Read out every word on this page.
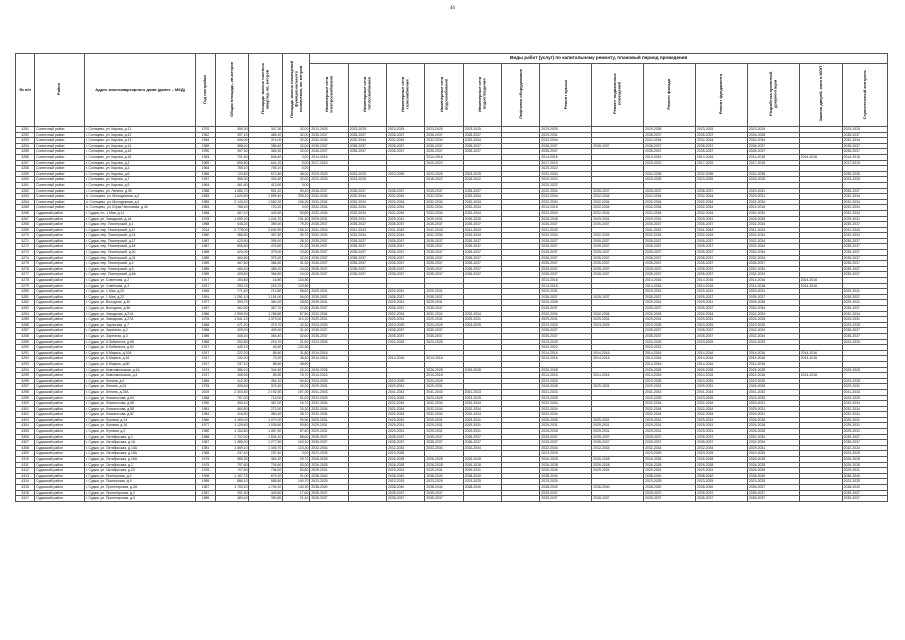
46
№ п/п	Район	Адрес многоквартирного дома (далее – МКД)	Год постройки	Общая площадь, кв.метров	Площадь жилых частных квартир, кв. метров	Площадь жилых помещений функционального назначения, кв. метров	Виды работ (услуг) по капитальному ремонту, плановый период проведения												
							Инженерные сети электроснабжения	Инженерные сети теплоснабжения	Инженерные сети газоснабжения	Инженерные сети водоснабжения	Инженерные сети водоотведения	Лифтовое оборудование	Ремонт крыши	Ремонт подвальных помещений	Ремонт фасада	Ремонт фундамента	Разработка проектной документации	Замена дверей, окон в МОП	Строительный контроль
4251	Солнечный район	г. Солнцево, ул. Кирова, д.11	1970	359,30	347,30	32,00	2012-2025	2023-2025	2023-2025	2023-2025	2023-2025		2023-2025		2029-2035	2023-2025	2023-2025		2023-2025
4252	Солнечный район	г. Солнцево, ул. Кирова, д.12	1962	397,10	365,10	32,00	2035-2037	2035-2037	2035-2037	2035-2037	2035-2037		2029-2031		2035-2037	2035-2037	2026-2028		2035-2037
4253	Солнечный район	г. Солнцево, ул. Кирова, д.13	1984	406,00	374,00	32,00	2032-2034	2032-2034	2032-2034	2032-2034	2032-2034		2032-2034		2032-2034	2032-2034	2032-2034		2032-2034
4254	Солнечный район	г. Солнцево, ул. Кирова, д.14	1989	388,40	356,40	32,00	2035-2037	2035-2037	2035-2037	2035-2037	2035-2037		2035-2037	2035-2037	2035-2037	2035-2037	2035-2037		2035-2037
4255	Солнечный район	г. Солнцево, ул. Кирова, д.15	1990	397,30	365,30	32,00	2035-2037	2035-2037	2035-2037	2035-2037	2035-2037		2035-2037		2035-2037	2035-2037	2035-2037		2035-2037
4256	Солнечный район	г. Солнцево, ул. Кирова, д.16	1963	701,50	646,40	0,00	2014-2016			2014-2016			2014-2016		2014-2016	2014-2016	2014-2016	2014-2016	2014-2016
4257	Солнечный район	г. Солнцево, ул. Кирова, д.2	1969	690,80	641,20	0,00	2017-2019			2020-2020			2017-2019		2020-2022	2017-2019	2017-2019		2017-2019
4258	Солнечный район	г. Солнцево, ул. Кирова, д.3	1964	765,10	705,10	0,00							2020-2022						
4259	Солнечный район	г. Солнцево, ул. Кирова, д.6	1966	720,80	672,80	48,00	2023-2025	2023-2025	2023-2025	2023-2025	2023-2025		2032-2034		2032-2035	2032-2035	2032-2035		2035-2035
4260	Солнечный район	г. Солнцево, ул. Кирова, д.7	1967	365,30	333,30	32,00	2023-2025	2023-2025		2018-2022	2018-2022		2020-2022		2023-2025	2023-2025	2026-2028		2023-2025
4261	Солнечный район	г. Солнцево, ул. Кирова, д.9	1964	461,60	413,60	0,00							2020-2022						
4262	Солнечный район	г. Солнцево, ул. Ленина, д.35	1988	1 080,70	951,20	90,20	2035-2037	2035-2037	2035-2037	2035-2037	2035-2037		2032-2034	2035-2037	2035-2037	2035-2037	2029-2031		2035-2037
4263	Солнечный район	п. Солнцево, ул. Молодежная, д.2	1983	1 620,50	1 599,40	205,10	2032-2034	2032-2034	2032-2034	2032-2034	2032-2034		2032-2034	2032-2034	2032-2034	2032-2034	2029-2031		2032-2034
4264	Солнечный район	п. Солнцево, ул. Молодежная, д.4	1985	2 140,40	1 552,20	106,20	2032-2034	2032-2034	2032-2034	2032-2034	2032-2034		2032-2034	2032-2034	2032-2034	2032-2034	2032-2034		2032-2034
4265	Солнечный район	п. Солнцево, ул. Юрия Чеснокова, д.40	1983	768,40	720,20	0,00	2032-2034	2032-2034	2032-2034	2032-2034	2032-2034		2014-2016	2032-2034	2032-2034	2032-2034	2014-2016		2032-2034
4266	Судакский район	г. Суджа, пл. 1 Мая, д.11	1968	467,10	432,60	53,80	2032-2034	2032-2034	2032-2034	2032-2034	2032-2034		2032-2034	2032-2034	2032-2034	2032-2034	2032-2034		2032-2034
4267	Судакский район	г. Суджа, ул. Заводская, д.1А	1978	1 599,20	1 244,70	131,40	2029-2031	2029-2031	2029-2031	2029-2031	2026-2028		2026-2028	2029-2031	2029-2031	2029-2031	2026-2028		2029-2031
4268	Судакский район	г. Суджа, пер. Пионерский, д.1	1988	448,20	369,00	79,20	2035-2037	2035-2037	2035-2037	2035-2037	2035-2037		2035-2037	2035-2037	2035-2037	2035-2037	2032-2034		2035-2037
4269	Судакский район	г. Суджа, пер. Пионерский, д.11	2014	2 778,00	2 634,90	135,10	2041-2043	2041-2043	2041-2043	2041-2043	2041-2043		2041-2043		2041-2043	2041-2043	2041-2043		2041-2043
4270	Судакский район	г. Суджа, пер. Пионерский, д.13	1980	386,50	357,80	30,70	2032-2034	2032-2034	2032-2034	2032-2034	2032-2034		2032-2034	2032-2034	2032-2034	2032-2034	2032-2034		2032-2034
4271	Судакский район	г. Суджа, пер. Пионерский, д.17	1987	423,90	395,00	28,10	2035-2037	2035-2037	2035-2037	2035-2037	2035-2037		2035-2037	2035-2037	2035-2037	2035-2037	2032-2034		2035-2037
4272	Судакский район	г. Суджа, пер. Пионерский, д.18	1987	655,60	475,80	21,20	2035-2037	2035-2037	2035-2037	2035-2037	2035-2037		2035-2037	2035-2037	2035-2037	2035-2037	2032-2034		2035-2037
4273	Судакский район	г. Суджа, пер. Пионерский, д.20	1988	423,00	379,00	23,60	2035-2037	2035-2037	2035-2037	2035-2037	2035-2037		2035-2037	2035-2037	2035-2037	2035-2037	2032-2034		2035-2037
4274	Судакский район	г. Суджа, пер. Пионерский, д.24	1989	463,50	379,00	32,00	2035-2037	2035-2037	2035-2037	2035-2037	2035-2037		2035-2037	2035-2037	2035-2037	2035-2037	2032-2034		2035-2037
4275	Судакский район	г. Суджа, пер. Пионерский, д.4	1989	467,80	386,50	31,30	2035-2037	2035-2037	2035-2037	2035-2037	2035-2037		2035-2037	2035-2037	2035-2037	2035-2037	2035-2037		2035-2037
4276	Судакский район	г. Суджа, пер. Пионерский, д.5	1989	460,40	385,20	24,20	2035-2037	2035-2037	2035-2037	2035-2037	2035-2037		2035-2037	2035-2037	2035-2037	2035-2037	2032-2034		2035-2037
4277	Судакский район	г. Суджа, пер. Пионерский, д.6А	1989	405,60	366,50	24,00	2035-2037	2035-2037	2035-2037	2035-2037	2035-2037		2035-2037	2035-2037	2035-2037	2035-2037	2032-2034		2035-2037
4278	Судакский район	г. Суджа, ул. Советская, д.2	1917	194,80	16,80	134,80							2014-2016		2014-2016	2014-2016	2014-2016	2014-2016	
4279	Судакский район	г. Суджа, ул. Советская, д.3	1917	293,70	215,70	129,80							2014-2016		2014-2016	2014-2016	2014-2016	2014-2016	
4280	Судакский район	г. Суджа, ул. 1 Мая, д.20	1966	771,40	712,80	58,60	2029-2031		2029-2031	2029-2031			2029-2031		2029-2031	2029-2031	2029-2031		2029-2031
4281	Судакский район	г. Суджа, ул. 1 Мая, д.22	1991	1 251,10	1 151,00	94,00	2035-2037		2035-2037	2035-2037			2035-2037	2035-2037	2035-2037	2035-2037	2035-2037		2035-2037
4282	Судакский район	г. Суджа, ул. Володина, д.30	1977	393,70	360,20	28,50	2029-2031		2029-2031	2029-2031			2026-2028		2029-2031	2029-2031	2026-2028		2029-2031
4283	Судакский район	г. Суджа, ул. Володина, д.36	1987	462,90	367,70	22,80	2035-2037		2035-2037	2035-2037			2035-2037		2035-2037	2035-2037	2032-2034		2035-2037
4284	Судакский район	г. Суджа, ул. Заводская, д.21А	1986	1 959,90	1 788,80	87,50	2032-2034		2032-2034	2032-2034	2032-2034		2032-2034	2032-2034	2032-2034	2032-2034	2032-2034		2032-2034
4285	Судакский район	г. Суджа, ул. Заводская, д.27А	1978	1 541,10	1 379,00	110,20	2029-2031		2029-2031	2029-2031	2029-2031		2029-2031	2029-2031	2029-2031	2029-2031	2026-2028		2029-2031
4286	Судакский район	г. Суджа, ул. Заульская, д.7	1968	471,20	373,70	42,30	2023-2025		2023-2025	2023-2025	2023-2025		2023-2025	2023-2025	2023-2025	2023-2025	2023-2025		2023-2025
4287	Судакский район	г. Суджа, ул. Заречная, д.2	1988	409,00	409,00	31,40	2035-2037		2035-2037	2035-2037			2035-2037		2035-2037	2035-2037	2032-2034		2035-2037
4288	Судакский район	г. Суджа, ул. Заречная, д.3	1989	408,40	354,40	32,60	2035-2037		2035-2037	2035-2037			2035-2037		2035-2037	2035-2037	2032-2034		2035-2037
4289	Судакский район	г. Суджа, ул. К.Либкнехта, д.58	1966	252,80	215,70	21,50	2023-2025		2023-2025	2023-2025			2023-2025		2023-2025	2023-2025	2023-2025		2023-2025
4290	Судакский район	г. Суджа, ул. К.Либкнехта, д.62	1917	449,10	44,60	132,60							2020-2022		2020-2022				
4291	Судакский район	г. Суджа, ул. К.Маркса, д.10А	1917	222,20	85,60	31,80	2014-2016						2014-2016	2014-2016	2014-2016	2014-2016	2014-2016	2014-2016	
4292	Судакский район	г. Суджа, ул. К.Маркса, д.16	1917	132,00	73,20	36,40	2014-2016		2014-2016	2014-2016			2014-2016	2014-2016	2014-2016	2014-2016	2014-2016	2014-2016	
4293	Судакский район	г. Суджа, ул. К.Маркса, д.6Б	1917	137,10	88,60	48,50									2014-2016	2014-2016	2014-2016		
4294	Судакский район	г. Суджа, ул. Комсомольская, д.1А	1974	386,10	344,90	20,10	2026-2028			2026-2028	2026-2028		2026-2028		2026-2028	2026-2028	2026-2028		2026-2028
4295	Судакский район	г. Суджа, ул. Комсомольская, д.4	1917	166,90	89,50	76,70	2014-2016			2014-2016			2014-2016	2014-2016	2014-2016	2014-2016	2014-2016	2014-2016	
4296	Судакский район	г. Суджа, ул. Ленина, д.2	1969	412,30	354,10	60,40	2023-2025		2023-2025	2023-2025			2023-2025		2023-2025	2023-2025	2023-2025		2023-2025
4297	Судакский район	г. Суджа, ул. Ленина, д.24	1978	405,40	375,20	30,20	2029-2031		2029-2031	2029-2031			2026-2028	2029-2031	2029-2031	2029-2031	2026-2028		2029-2031
4298	Судакский район	г. Суджа, ул. Ленина, д.25А	2019	2 303,50	2 192,50	197,00	2041-2043		2041-2043	2041-2043	2041-2043		2041-2043		2041-2043	2041-2043	2041-2043		2041-2043
4299	Судакский район	г. Суджа, ул. Ломоносова, д.54	1968	767,00	716,00	51,00	2023-2025		2023-2025	2023-2025	2023-2025		2023-2025		2023-2025	2023-2025	2023-2025		2023-2025
4300	Судакский район	г. Суджа, ул. Ломоносова, д.56	1990	453,10	367,00	16,70	2032-2034		2032-2034	2032-2034	2032-2034		2032-2034		2032-2034	2032-2034	2029-2031		2032-2034
4301	Судакский район	г. Суджа, ул. Ломоносова, д.58	1981	463,80	272,00	20,20	2032-2034		2032-2034	2032-2034	2032-2034		2032-2034		2032-2034	2032-2034	2029-2031		2032-2034
4302	Судакский район	г. Суджа, ул. Ломоносова, д.6Г	1984	416,50	350,40	35,70	2032-2034		2032-2034	2032-2034	2032-2034		2032-2034		2032-2034	2032-2034	2029-2031		2032-2034
4303	Судакский район	г. Суджа, ул. Луговая, д.14	1980	1 169,00	1 070,00	90,90	2029-2031		2029-2031	2029-2031	2029-2031		2026-2028	2029-2031	2029-2031	2029-2031	2026-2028		2029-2031
4304	Судакский район	г. Суджа, ул. Луговая, д.16	1977	1 129,60	1 035,80	90,80	2029-2031		2029-2031	2029-2031	2029-2031		2029-2031	2029-2031	2029-2031	2029-2031	2026-2028		2029-2031
4305	Судакский район	г. Суджа, ул. Луговая, д.2	1980	1 154,60	1 067,90	87,60	2029-2031		2029-2031	2029-2031	2029-2031		2026-2028	2029-2031	2029-2031	2029-2031	2026-2028		2029-2031
4306	Судакский район	г. Суджа, ул. Октябрьская, д.1	1988	1 702,90	1 534,10	88,60	2035-2037		2035-2037	2035-2037	2035-2037		2035-2037	2035-2037	2035-2037	2035-2037	2032-2034		2035-2037
4307	Судакский район	г. Суджа, ул. Октябрьская, д.1А	1987	1 385,00	1 277,90	103,10	2035-2037		2035-2037	2035-2037	2035-2037		2035-2037	2035-2037	2035-2037	2035-2037	2032-2034		2035-2037
4308	Судакский район	г. Суджа, ул. Октябрьская, д.14А	1981	1 469,10	1 345,70	123,40	2032-2034		2032-2034	2032-2034	2032-2034		2032-2034	2032-2034	2032-2034	2032-2034	2029-2031		2032-2034
4309	Судакский район	г. Суджа, ул. Октябрьская, д.15А	1968	237,40	237,40	0,00	2023-2025		2023-2025				2023-2025		2023-2025	2023-2025	2023-2025		2023-2025
4310	Судакский район	г. Суджа, ул. Октябрьская, д.16А	1975	369,30	364,20	29,70	2026-2028		2026-2028	2026-2028	2026-2028		2026-2028	2026-2028	2026-2028	2026-2028	2026-2028		2026-2028
4311	Судакский район	г. Суджа, ул. Октябрьская, д.2	1975	757,60	704,60	53,00	2026-2028		2026-2028	2026-2028	2026-2028		2026-2028	2026-2028	2026-2028	2026-2028	2026-2028		2026-2028
4312	Судакский район	г. Суджа, ул. Октябрьская, д.23	1976	707,80	708,00	50,80	2029-2031		2029-2031	2029-2031	2029-2031		2026-2028	2029-2031	2029-2031	2029-2031	2026-2028		2029-2031
4313	Судакский район	г. Суджа, ул. Пионерская, д.2	1996	1 167,70	679,10	91,00	2038-2040		2038-2040	2038-2040	2038-2040		2038-2040		2038-2040	2038-2040	2038-2040		2038-2040
4314	Судакский район	г. Суджа, ул. Пионерская, д.9	1989	886,10	558,50	140,70	2023-2025		2023-2025	2023-2025	2023-2025		2023-2025		2023-2025	2023-2025	2023-2025		2023-2025
4315	Судакский район	г. Суджа, ул. Пролетарская, д.2А	1987	1 753,20	1 704,20	140,20	2038-2040		2038-2040	2038-2040	2038-2040		2038-2040	2038-2040	2038-2040	2038-2040	2035-2037		2038-2040
4316	Судакский район	г. Суджа, ул. Пролетарская, д.2	1987	391,30	349,60	17,60	2035-2037		2035-2037	2035-2037			2035-2037		2035-2037	2035-2037	2035-2037		2035-2037
4317	Судакский район	г. Суджа, ул. Пролетарская, д.5	1985	480,40	390,80	21,40	2035-2037		2035-2037	2035-2037			2035-2037	2035-2037	2035-2037	2035-2037	2035-2037		2035-2037
